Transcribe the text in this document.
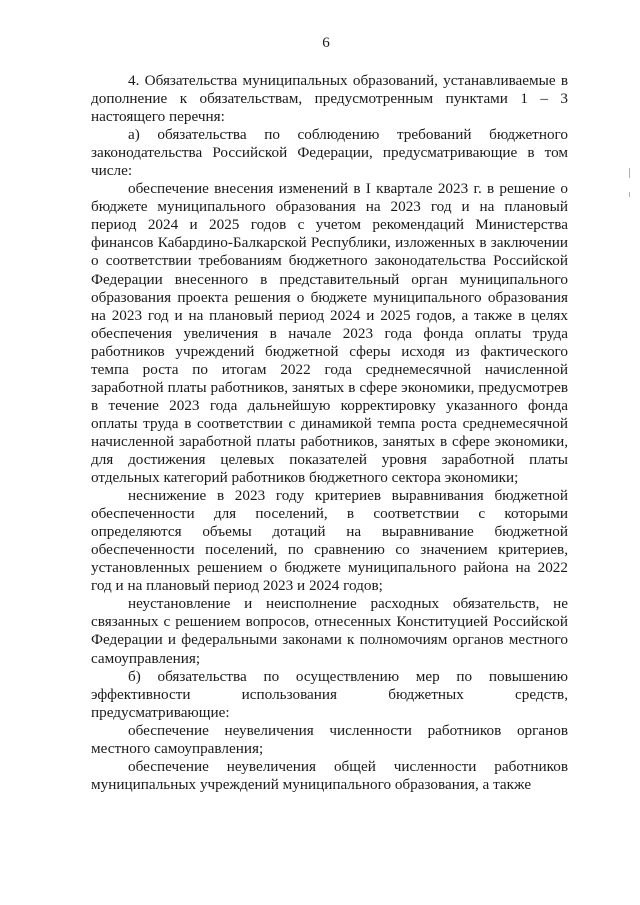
6

4. Обязательства муниципальных образований, устанавливаемые в дополнение к обязательствам, предусмотренным пунктами 1 – 3 настоящего перечня:

а) обязательства по соблюдению требований бюджетного законодательства Российской Федерации, предусматривающие в том числе:

обеспечение внесения изменений в I квартале 2023 г. в решение о бюджете муниципального образования на 2023 год и на плановый период 2024 и 2025 годов с учетом рекомендаций Министерства финансов Кабардино-Балкарской Республики, изложенных в заключении о соответствии требованиям бюджетного законодательства Российской Федерации внесенного в представительный орган муниципального образования проекта решения о бюджете муниципального образования на 2023 год и на плановый период 2024 и 2025 годов, а также в целях обеспечения увеличения в начале 2023 года фонда оплаты труда работников учреждений бюджетной сферы исходя из фактического темпа роста по итогам 2022 года среднемесячной начисленной заработной платы работников, занятых в сфере экономики, предусмотрев в течение 2023 года дальнейшую корректировку указанного фонда оплаты труда в соответствии с динамикой темпа роста среднемесячной начисленной заработной платы работников, занятых в сфере экономики, для достижения целевых показателей уровня заработной платы отдельных категорий работников бюджетного сектора экономики;

неснижение в 2023 году критериев выравнивания бюджетной обеспеченности для поселений, в соответствии с которыми определяются объемы дотаций на выравнивание бюджетной обеспеченности поселений, по сравнению со значением критериев, установленных решением о бюджете муниципального района на 2022 год и на плановый период 2023 и 2024 годов;

неустановление и неисполнение расходных обязательств, не связанных с решением вопросов, отнесенных Конституцией Российской Федерации и федеральными законами к полномочиям органов местного самоуправления;

б) обязательства по осуществлению мер по повышению эффективности использования бюджетных средств, предусматривающие:

обеспечение неувеличения численности работников органов местного самоуправления;

обеспечение неувеличения общей численности работников муниципальных учреждений муниципального образования, а также
